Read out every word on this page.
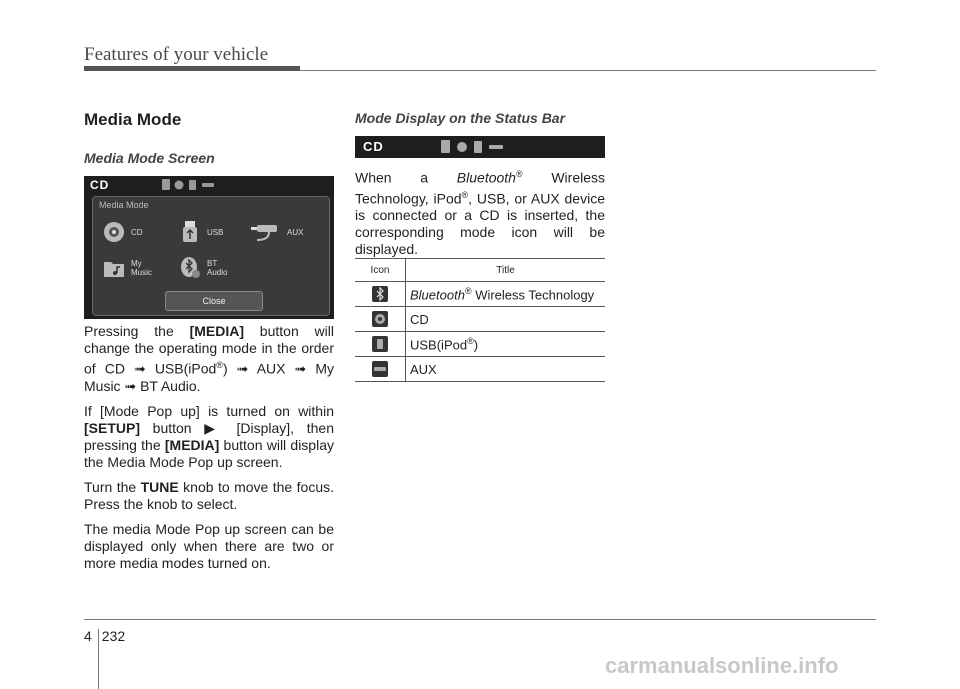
Features of your vehicle
Media Mode
Media Mode Screen
CD
Media Mode
CD	USB	AUX
My
Music
BT
Audio
Close

Pressing the [MEDIA] button will change the operating mode in the order of CD ➟ USB(iPod®) ➟ AUX ➟ My Music ➟ BT Audio.

If [Mode Pop up] is turned on within [SETUP] button ▶ [Display], then pressing the [MEDIA] button will display the Media Mode Pop up screen.

Turn the TUNE knob to move the focus. Press the knob to select.

The media Mode Pop up screen can be displayed only when there are two or more media modes turned on.

Mode Display on the Status Bar
CD

When a Bluetooth® Wireless Technology, iPod®, USB, or AUX device is connected or a CD is inserted, the corresponding mode icon will be displayed.

Icon	Title
	Bluetooth® Wireless Technology
	CD
	USB(iPod®)
	AUX
4 232
carmanualsonline.info
